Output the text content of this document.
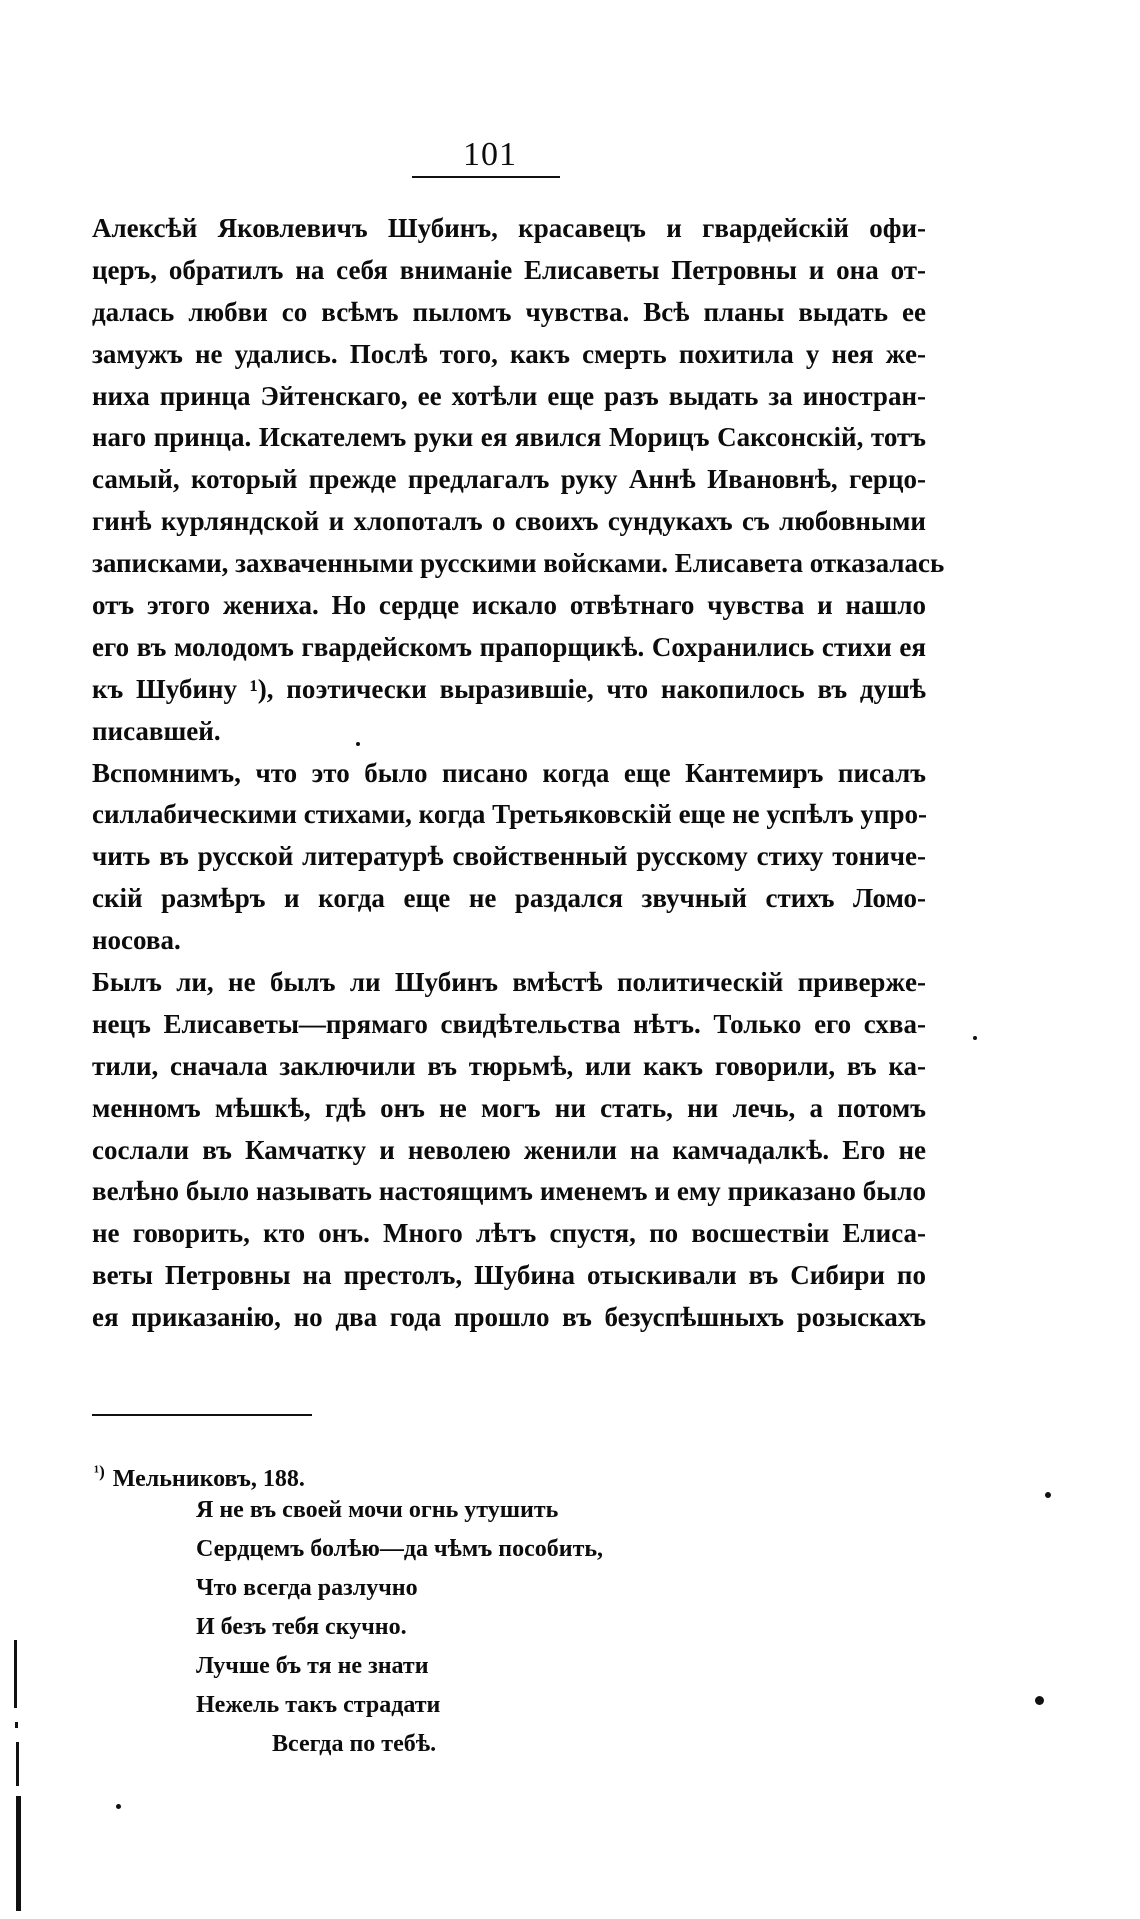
101
Алексѣй Яковлевичъ Шубинъ, красавецъ и гвардейскій офи-
церъ, обратилъ на себя вниманіе Елисаветы Петровны и она от-
далась любви со всѣмъ пыломъ чувства. Всѣ планы выдать ее
замужъ не удались. Послѣ того, какъ смерть похитила у нея же-
ниха принца Эйтенскаго, ее хотѣли еще разъ выдать за иностран-
наго принца. Искателемъ руки ея явился Морицъ Саксонскій, тотъ
самый, который прежде предлагалъ руку Аннѣ Ивановнѣ, герцо-
гинѣ курляндской и хлопоталъ о своихъ сундукахъ съ любовными
записками, захваченными русскими войсками. Елисавета отказалась
отъ этого жениха. Но сердце искало отвѣтнаго чувства и нашло
его въ молодомъ гвардейскомъ прапорщикѣ. Сохранились стихи ея
къ Шубину ¹), поэтически выразившіе, что накопилось въ душѣ
писавшей.
Вспомнимъ, что это было писано когда еще Кантемиръ писалъ
силлабическими стихами, когда Третьяковскій еще не успѣлъ упро-
чить въ русской литературѣ свойственный русскому стиху тониче-
скій размѣръ и когда еще не раздался звучный стихъ Ломо-
носова.
Былъ ли, не былъ ли Шубинъ вмѣстѣ политическій привержe-
нецъ Елисаветы—прямаго свидѣтельства нѣтъ. Только его схва-
тили, сначала заключили въ тюрьмѣ, или какъ говорили, въ ка-
менномъ мѣшкѣ, гдѣ онъ не могъ ни стать, ни лечь, а потомъ
сослали въ Камчатку и неволею женили на камчадалкѣ. Его не
велѣно было называть настоящимъ именемъ и ему приказано было
не говорить, кто онъ. Много лѣтъ спустя, по восшествіи Елиса-
веты Петровны на престолъ, Шубина отыскивали въ Сибири по
ея приказанію, но два года прошло въ безуспѣшныхъ розыскахъ
$^{^1)}$ Мельниковъ, 188.
Я не въ своей мочи огнь утушить
Сердцемъ болѣю—да чѣмъ пособить,
Что всегда разлучно
И безъ тебя скучно.
Лучше бъ тя не знати
Нежель такъ страдати
Всегда по тебѣ.
